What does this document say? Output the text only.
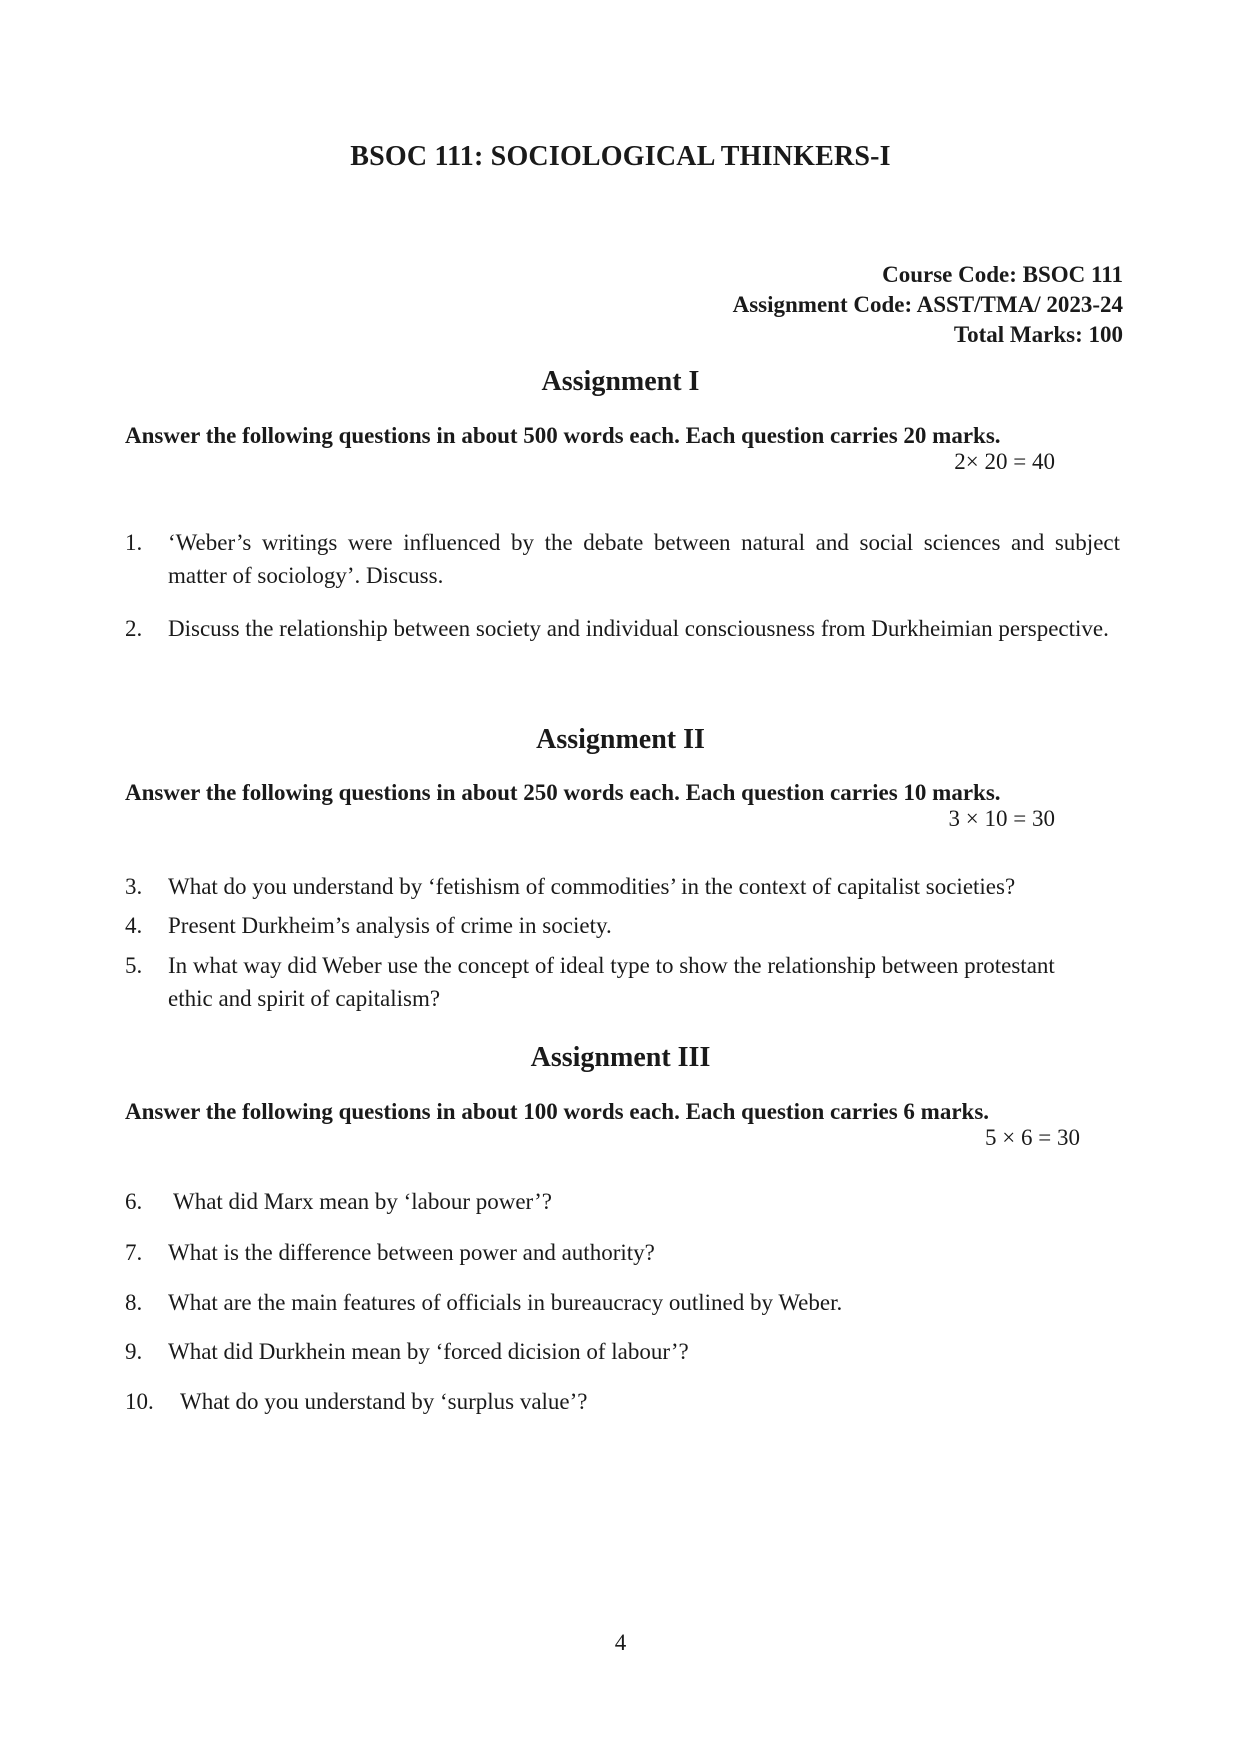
BSOC 111: SOCIOLOGICAL THINKERS-I
Course Code: BSOC 111
Assignment Code: ASST/TMA/ 2023-24
Total Marks: 100
Assignment I
Answer the following questions in about 500 words each. Each question carries 20 marks.
2× 20 = 40
1. ‘Weber’s writings were influenced by the debate between natural and social sciences and subject matter of sociology’. Discuss.
2. Discuss the relationship between society and individual consciousness from Durkheimian perspective.
Assignment II
Answer the following questions in about 250 words each. Each question carries 10 marks.
3 × 10 = 30
3. What do you understand by ‘fetishism of commodities’ in the context of capitalist societies?
4. Present Durkheim’s analysis of crime in society.
5. In what way did Weber use the concept of ideal type to show the relationship between protestant ethic and spirit of capitalism?
Assignment III
Answer the following questions in about 100 words each. Each question carries 6 marks.
5 × 6 = 30
6. What did Marx mean by ‘labour power’?
7. What is the difference between power and authority?
8. What are the main features of officials in bureaucracy outlined by Weber.
9. What did Durkhein mean by ‘forced dicision of labour’?
10. What do you understand by ‘surplus value’?
4
